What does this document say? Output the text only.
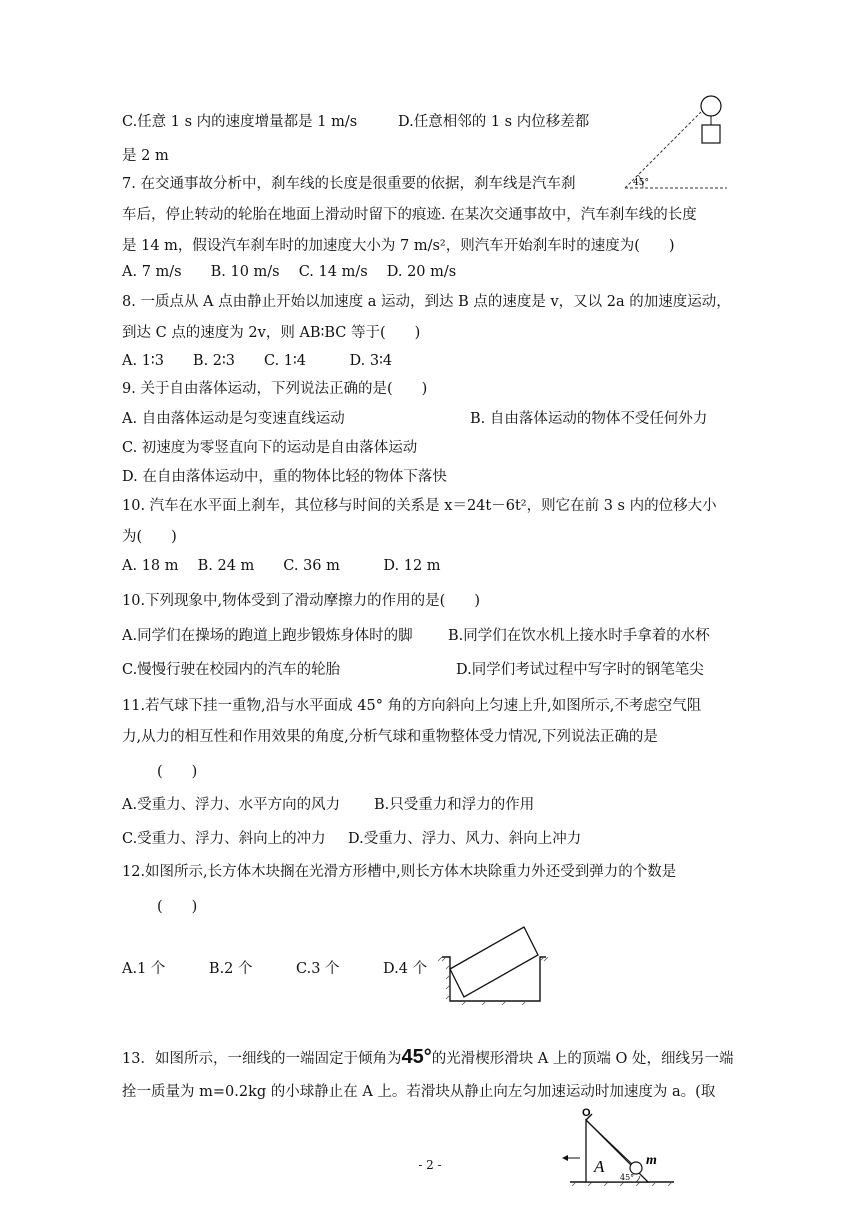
C.任意 1 s 内的速度增量都是 1 m/s	D.任意相邻的 1 s 内位移差都
是 2 m
7. 在交通事故分析中，刹车线的长度是很重要的依据，刹车线是汽车刹
车后，停止转动的轮胎在地面上滑动时留下的痕迹. 在某次交通事故中，汽车刹车线的长度
是 14 m，假设汽车刹车时的加速度大小为 7 m/s²，则汽车开始刹车时的速度为(　　)
A. 7 m/s　　B. 10 m/s　 C. 14 m/s　 D. 20 m/s
8. 一质点从 A 点由静止开始以加速度 a 运动，到达 B 点的速度是 v，又以 2a 的加速度运动，
到达 C 点的速度为 2v，则 AB∶BC 等于(　　)
A. 1∶3　　B. 2∶3　　C. 1∶4　　　D. 3∶4
9. 关于自由落体运动，下列说法正确的是(　　)
A. 自由落体运动是匀变速直线运动	B. 自由落体运动的物体不受任何外力
C. 初速度为零竖直向下的运动是自由落体运动
D. 在自由落体运动中，重的物体比轻的物体下落快
10. 汽车在水平面上刹车，其位移与时间的关系是 x＝24t－6t²，则它在前 3 s 内的位移大小
为(　　)
A. 18 m　 B. 24 m　　C. 36 m　　　D. 12 m
10.下列现象中,物体受到了滑动摩擦力的作用的是(　　)
A.同学们在操场的跑道上跑步锻炼身体时的脚 B.同学们在饮水机上接水时手拿着的水杯
C.慢慢行驶在校园内的汽车的轮胎	D.同学们考试过程中写字时的钢笔笔尖
11.若气球下挂一重物,沿与水平面成 45° 角的方向斜向上匀速上升,如图所示,不考虑空气阻
力,从力的相互性和作用效果的角度,分析气球和重物整体受力情况,下列说法正确的是
(　　)
A.受重力、浮力、水平方向的风力 B.只受重力和浮力的作用
C.受重力、浮力、斜向上的冲力 D.受重力、浮力、风力、斜向上冲力
12.如图所示,长方体木块搁在光滑方形槽中,则长方体木块除重力外还受到弹力的个数是
(　　)
A.1 个　　　B.2 个　　　C.3 个　　　D.4 个
13．如图所示，一细线的一端固定于倾角为45°的光滑楔形滑块 A 上的顶端 O 处，细线另一端
拴一质量为 m=0.2kg 的小球静止在 A 上。若滑块从静止向左匀加速运动时加速度为 a。(取
45°
O
A	m
45°
- 2 -
